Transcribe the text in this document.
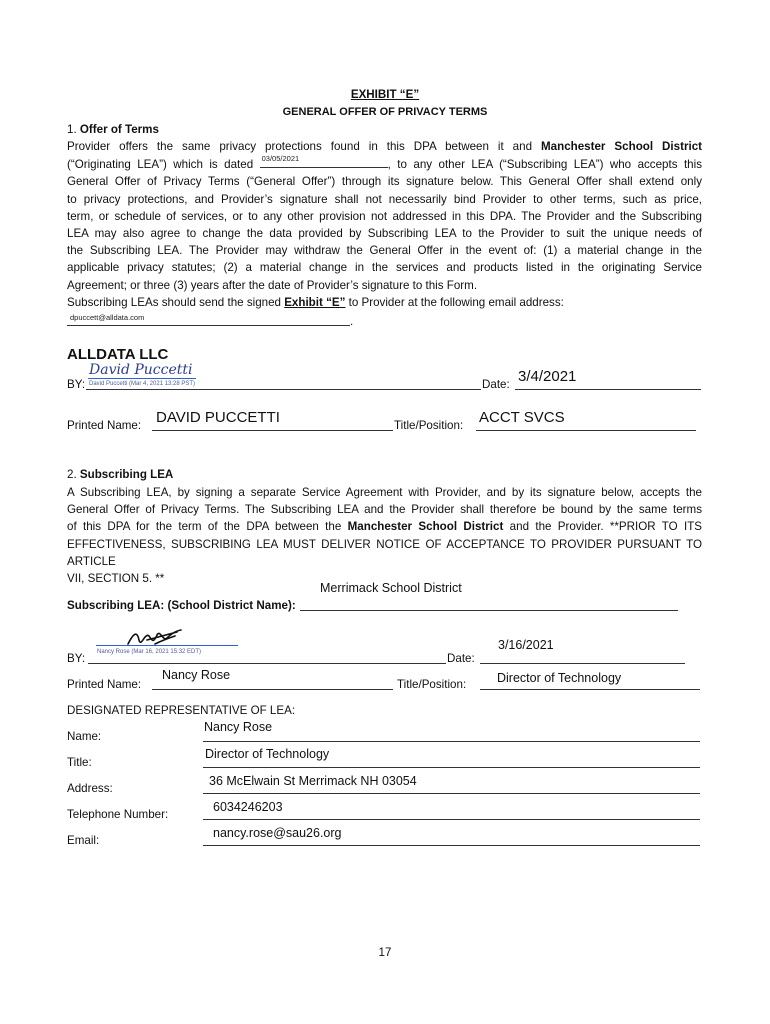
EXHIBIT “E”
GENERAL OFFER OF PRIVACY TERMS
1. Offer of Terms

Provider offers the same privacy protections found in this DPA between it and Manchester School District

(“Originating LEA”) which is dated 03/05/2021	, to any other LEA (“Subscribing LEA”) who accepts this

General Offer of Privacy Terms (“General Offer”) through its signature below. This General Offer shall extend only

to privacy protections, and Provider’s signature shall not necessarily bind Provider to other terms, such as price,

term, or schedule of services, or to any other provision not addressed in this DPA. The Provider and the Subscribing

LEA may also agree to change the data provided by Subscribing LEA to the Provider to suit the unique needs of

the Subscribing LEA. The Provider may withdraw the General Offer in the event of: (1) a material change in the

applicable privacy statutes; (2) a material change in the services and products listed in the originating Service

Agreement; or three (3) years after the date of Provider’s signature to this Form.

Subscribing LEAs should send the signed Exhibit “E” to Provider at the following email address:

dpuccett@alldata.com	.
ALLDATA LLC
BY:
David Puccetti
David Puccetti (Mar 4, 2021 13:28 PST)	Date: 3/4/2021
Printed Name: DAVID PUCCETTI	Title/Position: ACCT SVCS
2. Subscribing LEA

A Subscribing LEA, by signing a separate Service Agreement with Provider, and by its signature below, accepts the

General Offer of Privacy Terms. The Subscribing LEA and the Provider shall therefore be bound by the same terms

of this DPA for the term of the DPA between the Manchester School District and the Provider. **PRIOR TO ITS

EFFECTIVENESS, SUBSCRIBING LEA MUST DELIVER NOTICE OF ACCEPTANCE TO PROVIDER PURSUANT TO ARTICLE

VII, SECTION 5. **

Merrimack School District
Subscribing LEA: (School District Name):
Nancy Rose (Mar 16, 2021 15:32 EDT)
BY:	Date:
3/16/2021
Printed Name:
Nancy Rose
Title/Position: Director of Technology
DESIGNATED REPRESENTATIVE OF LEA:
Name:
Nancy Rose
Title:
Director of Technology
Address:
36 McElwain St Merrimack NH 03054
Telephone Number:
6034246203
Email:
nancy.rose@sau26.org
17
